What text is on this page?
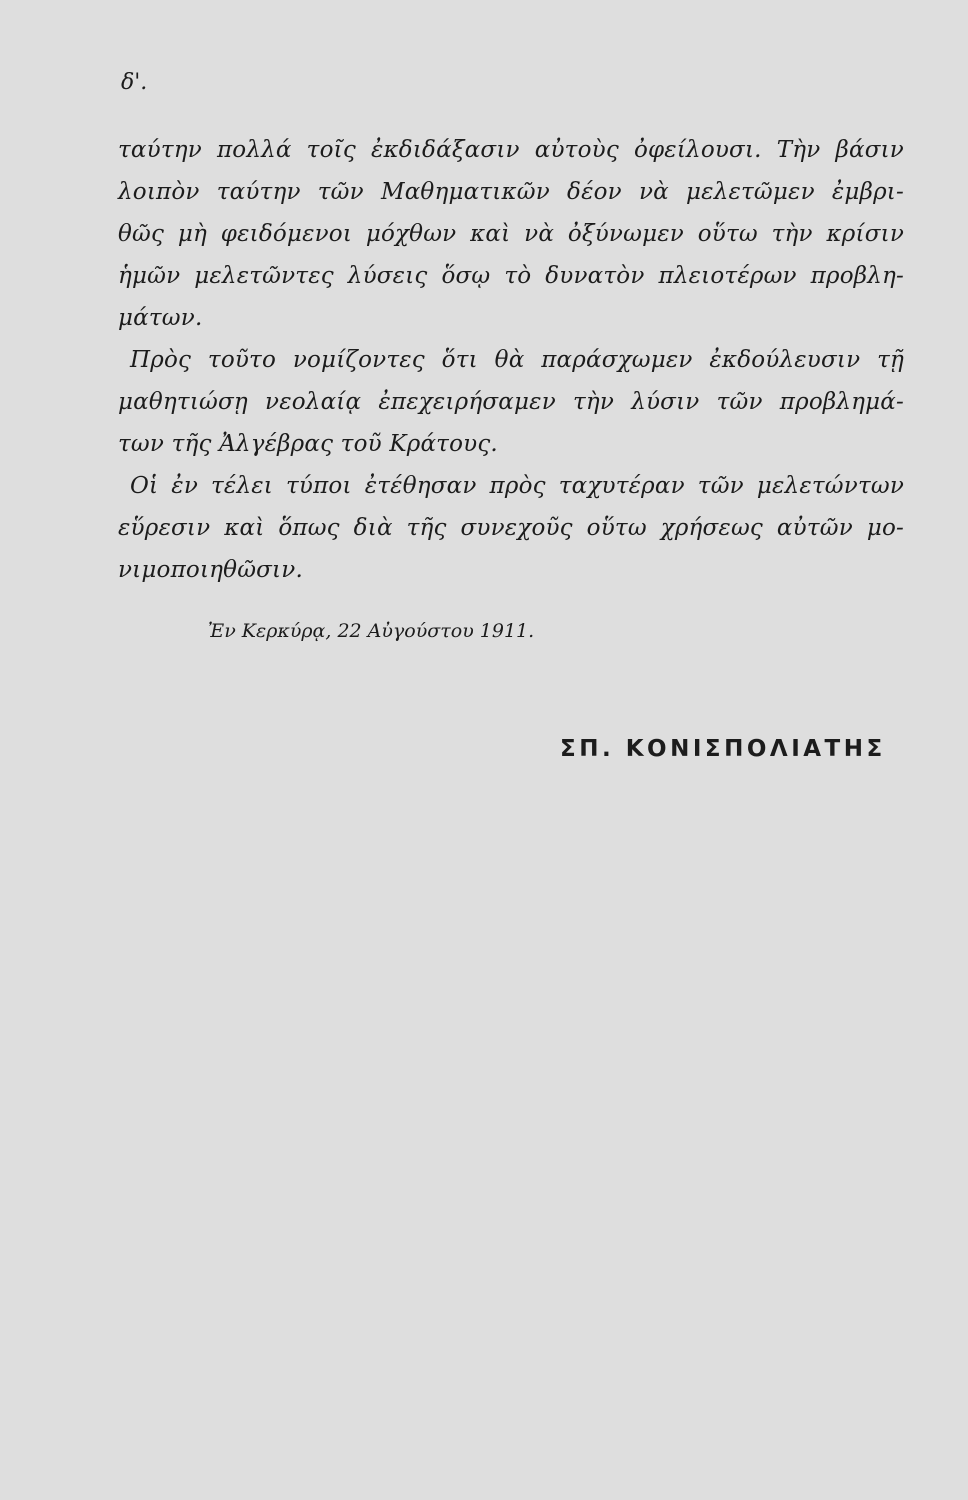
δ'.
ταύτην πολλά τοῖς ἐκδιδάξασιν αὐτοὺς ὀφείλουσι. Τὴν βάσιν
λοιπὸν ταύτην τῶν Μαθηματικῶν δέον νὰ μελετῶμεν ἐμβρι-
θῶς μὴ φειδόμενοι μόχθων καὶ νὰ ὀξύνωμεν οὕτω τὴν κρίσιν
ἡμῶν μελετῶντες λύσεις ὅσῳ τὸ δυνατὸν πλειοτέρων προβλη-
μάτων.
Πρὸς τοῦτο νομίζοντες ὅτι θὰ παράσχωμεν ἐκδούλευσιν τῇ
μαθητιώσῃ νεολαίᾳ ἐπεχειρήσαμεν τὴν λύσιν τῶν προβλημά-
των τῆς Ἀλγέβρας τοῦ Κράτους.
Οἱ ἐν τέλει τύποι ἐτέθησαν πρὸς ταχυτέραν τῶν μελετώντων
εὕρεσιν καὶ ὅπως διὰ τῆς συνεχοῦς οὕτω χρήσεως αὐτῶν μο-
νιμοποιηθῶσιν.
Ἐν Κερκύρᾳ, 22 Αὐγούστου 1911.
ΣΠ. ΚΟΝΙΣΠΟΛΙΑΤΗΣ
